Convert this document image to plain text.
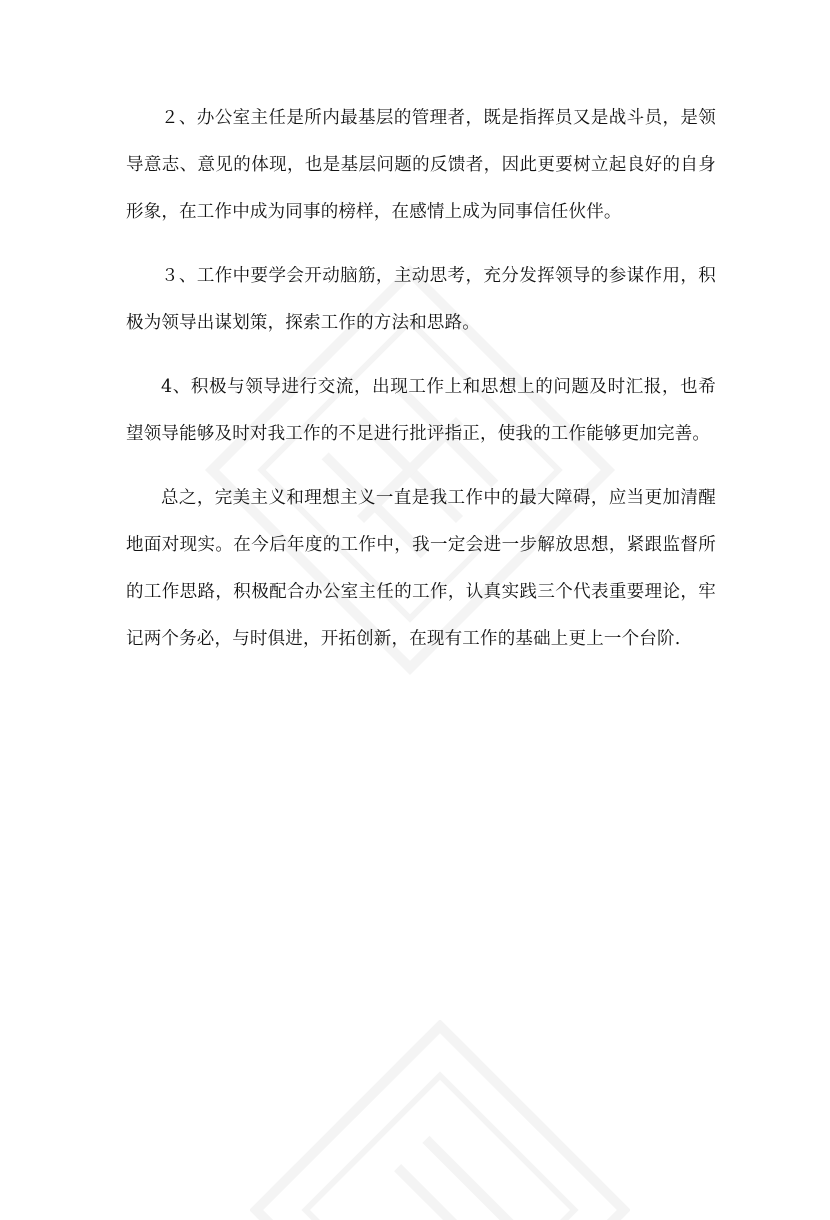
２、办公室主任是所内最基层的管理者，既是指挥员又是战斗员，是领导意志、意见的体现，也是基层问题的反馈者，因此更要树立起良好的自身形象，在工作中成为同事的榜样，在感情上成为同事信任伙伴。

３、工作中要学会开动脑筋，主动思考，充分发挥领导的参谋作用，积极为领导出谋划策，探索工作的方法和思路。

4、积极与领导进行交流，出现工作上和思想上的问题及时汇报，也希望领导能够及时对我工作的不足进行批评指正，使我的工作能够更加完善。

总之，完美主义和理想主义一直是我工作中的最大障碍，应当更加清醒地面对现实。在今后年度的工作中，我一定会进一步解放思想，紧跟监督所的工作思路，积极配合办公室主任的工作，认真实践三个代表重要理论，牢记两个务必，与时俱进，开拓创新，在现有工作的基础上更上一个台阶.
